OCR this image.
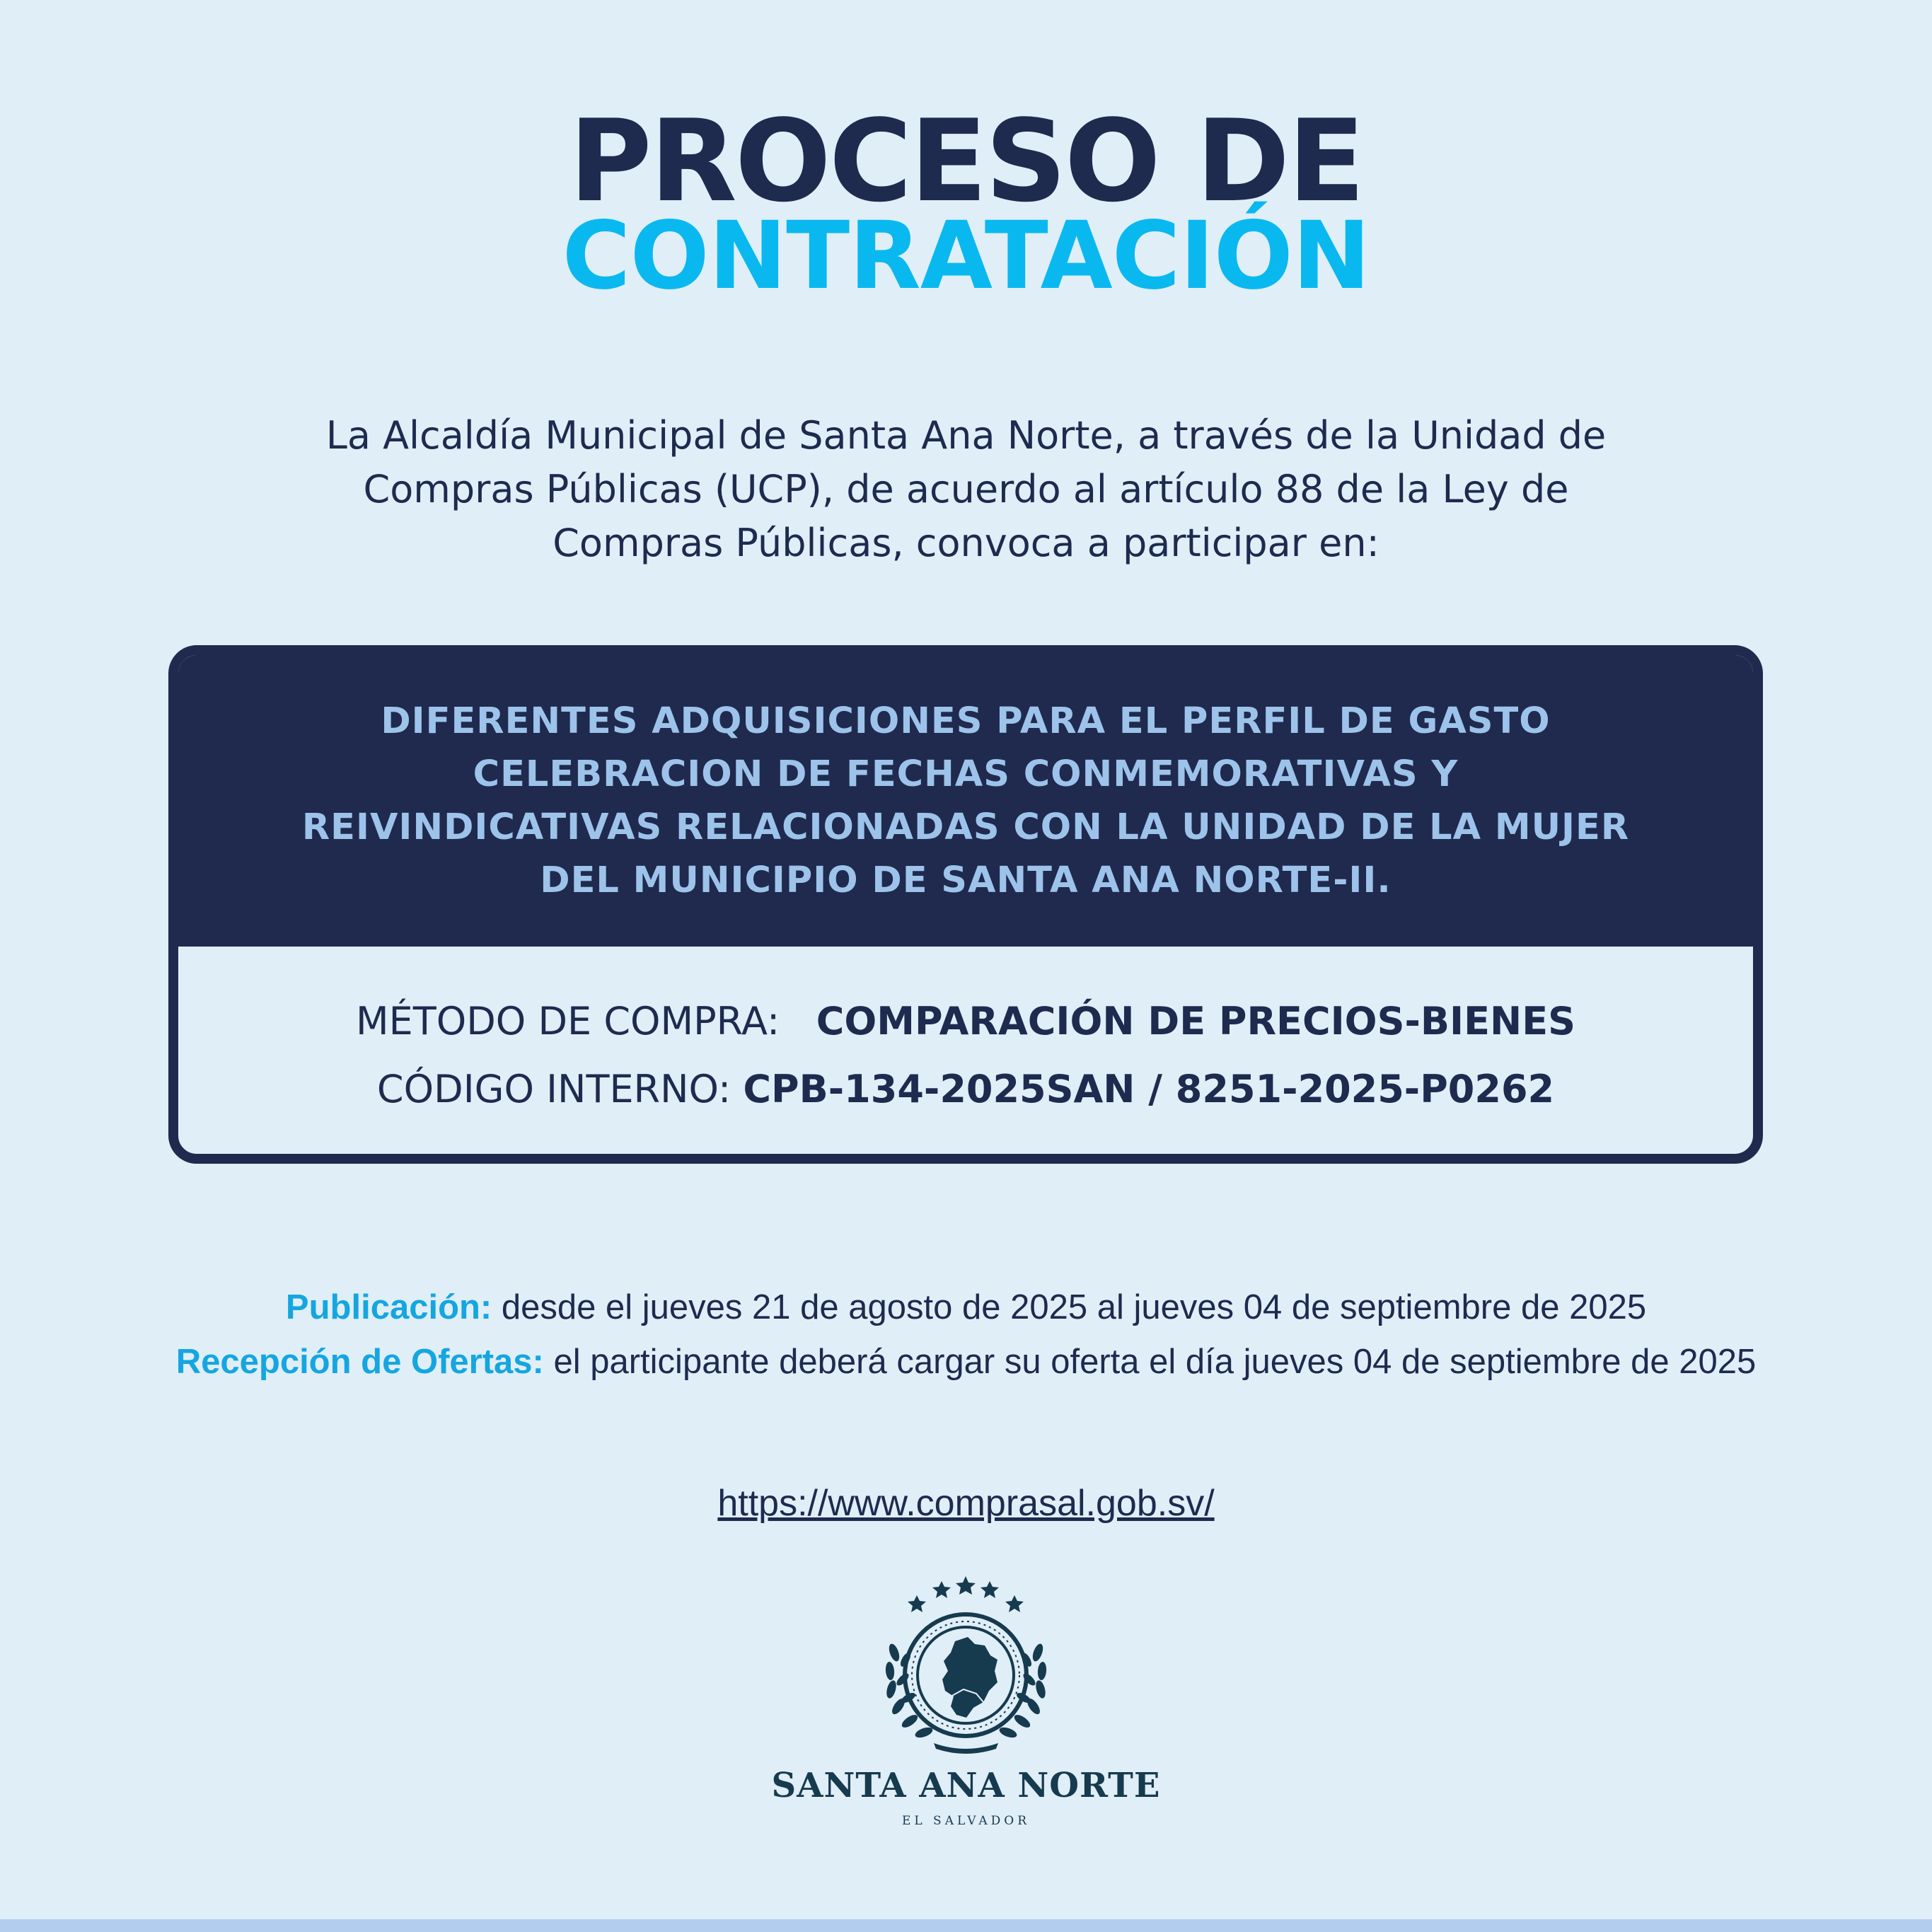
PROCESO DE
CONTRATACIÓN
La Alcaldía Municipal de Santa Ana Norte, a través de la Unidad de
Compras Públicas (UCP), de acuerdo al artículo 88 de la Ley de
Compras Públicas, convoca a participar en:
DIFERENTES ADQUISICIONES PARA EL PERFIL DE GASTO
CELEBRACION DE FECHAS CONMEMORATIVAS Y
REIVINDICATIVAS RELACIONADAS CON LA UNIDAD DE LA MUJER
DEL MUNICIPIO DE SANTA ANA NORTE-II.
MÉTODO DE COMPRA: COMPARACIÓN DE PRECIOS-BIENES
CÓDIGO INTERNO: CPB-134-2025SAN / 8251-2025-P0262
Publicación: desde el jueves 21 de agosto de 2025 al jueves 04 de septiembre de 2025
Recepción de Ofertas: el participante deberá cargar su oferta el día jueves 04 de septiembre de 2025
https://www.comprasal.gob.sv/
SANTA ANA NORTE
EL SALVADOR
